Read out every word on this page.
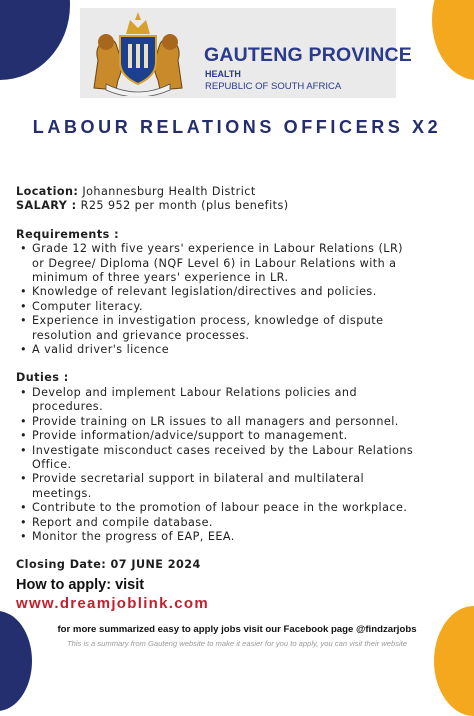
GAUTENG PROVINCE
HEALTH
REPUBLIC OF SOUTH AFRICA
LABOUR RELATIONS OFFICERS X2
Location: Johannesburg Health District
SALARY : R25 952 per month (plus benefits)
Requirements :
• Grade 12 with five years' experience in Labour Relations (LR)
or Degree/ Diploma (NQF Level 6) in Labour Relations with a
minimum of three years' experience in LR.
• Knowledge of relevant legislation/directives and policies.
• Computer literacy.
• Experience in investigation process, knowledge of dispute
resolution and grievance processes.
• A valid driver's licence
Duties :
• Develop and implement Labour Relations policies and
procedures.
• Provide training on LR issues to all managers and personnel.
• Provide information/advice/support to management.
• Investigate misconduct cases received by the Labour Relations
Office.
• Provide secretarial support in bilateral and multilateral
meetings.
• Contribute to the promotion of labour peace in the workplace.
• Report and compile database.
• Monitor the progress of EAP, EEA.
Closing Date: 07 JUNE 2024
How to apply: visit
www.dreamjoblink.com
for more summarized easy to apply jobs visit our Facebook page @findzarjobs
This is a summary from Gauteng website to make it easier for you to apply, you can visit their website
